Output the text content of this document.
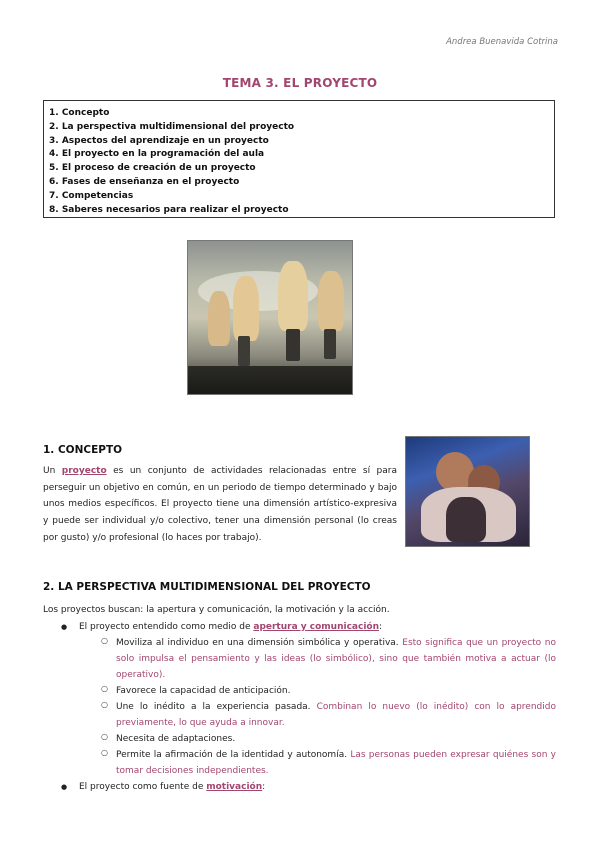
Andrea Buenavida Cotrina
TEMA 3. EL PROYECTO
1. Concepto
2. La perspectiva multidimensional del proyecto
3. Aspectos del aprendizaje en un proyecto
4. El proyecto en la programación del aula
5. El proceso de creación de un proyecto
6. Fases de enseñanza en el proyecto
7. Competencias
8. Saberes necesarios para realizar el proyecto
1. CONCEPTO
Un proyecto es un conjunto de actividades relacionadas entre sí para perseguir un objetivo en común, en un periodo de tiempo determinado y bajo unos medios específicos. El proyecto tiene una dimensión artístico-expresiva y puede ser individual y/o colectivo, tener una dimensión personal (lo creas por gusto) y/o profesional (lo haces por trabajo).
2. LA PERSPECTIVA MULTIDIMENSIONAL DEL PROYECTO
Los proyectos buscan: la apertura y comunicación, la motivación y la acción.
● El proyecto entendido como medio de apertura y comunicación:
○ Moviliza al individuo en una dimensión simbólica y operativa. Esto significa que un proyecto no solo impulsa el pensamiento y las ideas (lo simbólico), sino que también motiva a actuar (lo operativo).
○ Favorece la capacidad de anticipación.
○ Une lo inédito a la experiencia pasada. Combinan lo nuevo (lo inédito) con lo aprendido previamente, lo que ayuda a innovar.
○ Necesita de adaptaciones.
○ Permite la afirmación de la identidad y autonomía. Las personas pueden expresar quiénes son y tomar decisiones independientes.
● El proyecto como fuente de motivación:
